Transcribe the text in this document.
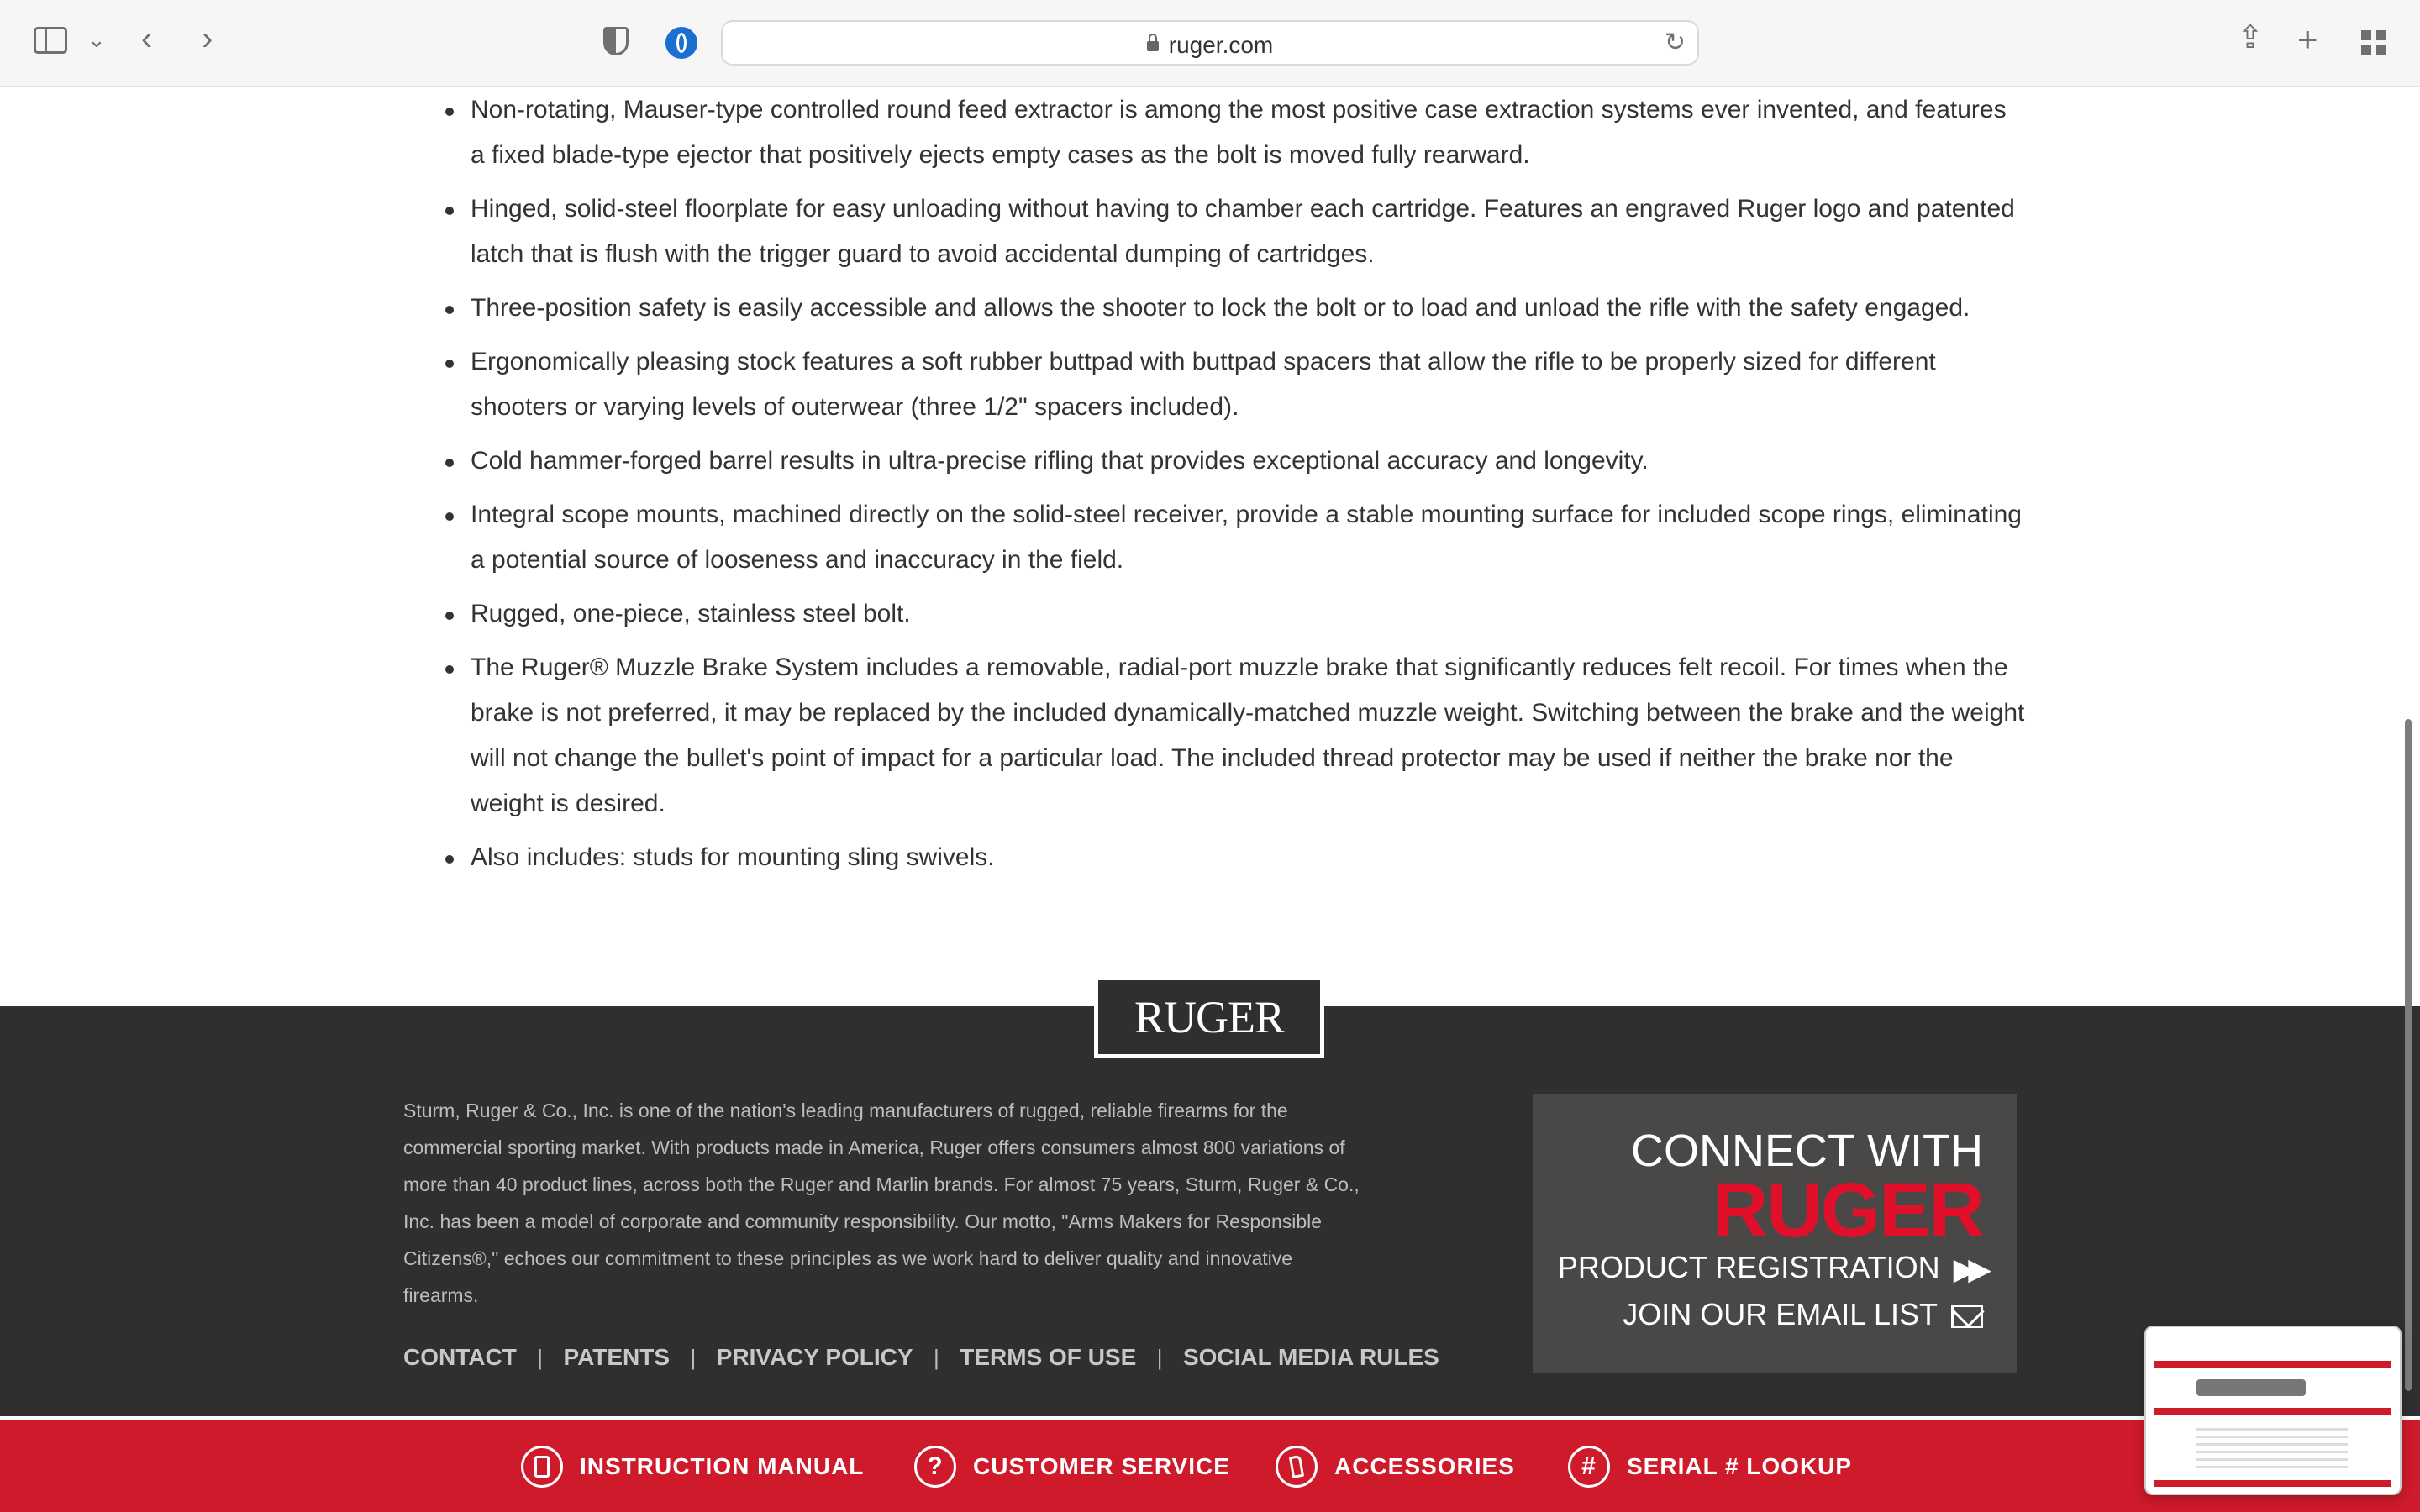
⌄ ‹ ›	ruger.com	↻	⇪ +
Non-rotating, Mauser-type controlled round feed extractor is among the most positive case extraction systems ever invented, and features a fixed blade-type ejector that positively ejects empty cases as the bolt is moved fully rearward.
Hinged, solid-steel floorplate for easy unloading without having to chamber each cartridge. Features an engraved Ruger logo and patented latch that is flush with the trigger guard to avoid accidental dumping of cartridges.
Three-position safety is easily accessible and allows the shooter to lock the bolt or to load and unload the rifle with the safety engaged.
Ergonomically pleasing stock features a soft rubber buttpad with buttpad spacers that allow the rifle to be properly sized for different shooters or varying levels of outerwear (three 1/2" spacers included).
Cold hammer-forged barrel results in ultra-precise rifling that provides exceptional accuracy and longevity.
Integral scope mounts, machined directly on the solid-steel receiver, provide a stable mounting surface for included scope rings, eliminating a potential source of looseness and inaccuracy in the field.
Rugged, one-piece, stainless steel bolt.
The Ruger® Muzzle Brake System includes a removable, radial-port muzzle brake that significantly reduces felt recoil. For times when the brake is not preferred, it may be replaced by the included dynamically-matched muzzle weight. Switching between the brake and the weight will not change the bullet's point of impact for a particular load. The included thread protector may be used if neither the brake nor the weight is desired.
Also includes: studs for mounting sling swivels.
RUGER

Sturm, Ruger & Co., Inc. is one of the nation's leading manufacturers of rugged, reliable firearms for the commercial sporting market. With products made in America, Ruger offers consumers almost 800 variations of more than 40 product lines, across both the Ruger and Marlin brands. For almost 75 years, Sturm, Ruger & Co., Inc. has been a model of corporate and community responsibility. Our motto, "Arms Makers for Responsible Citizens®," echoes our commitment to these principles as we work hard to deliver quality and innovative firearms.

CONTACT | PATENTS | PRIVACY POLICY | TERMS OF USE | SOCIAL MEDIA RULES
CONNECT WITH
RUGER
PRODUCT REGISTRATION ▶▶
JOIN OUR EMAIL LIST
INSTRUCTION MANUAL	?	CUSTOMER SERVICE	ACCESSORIES	#	SERIAL # LOOKUP
